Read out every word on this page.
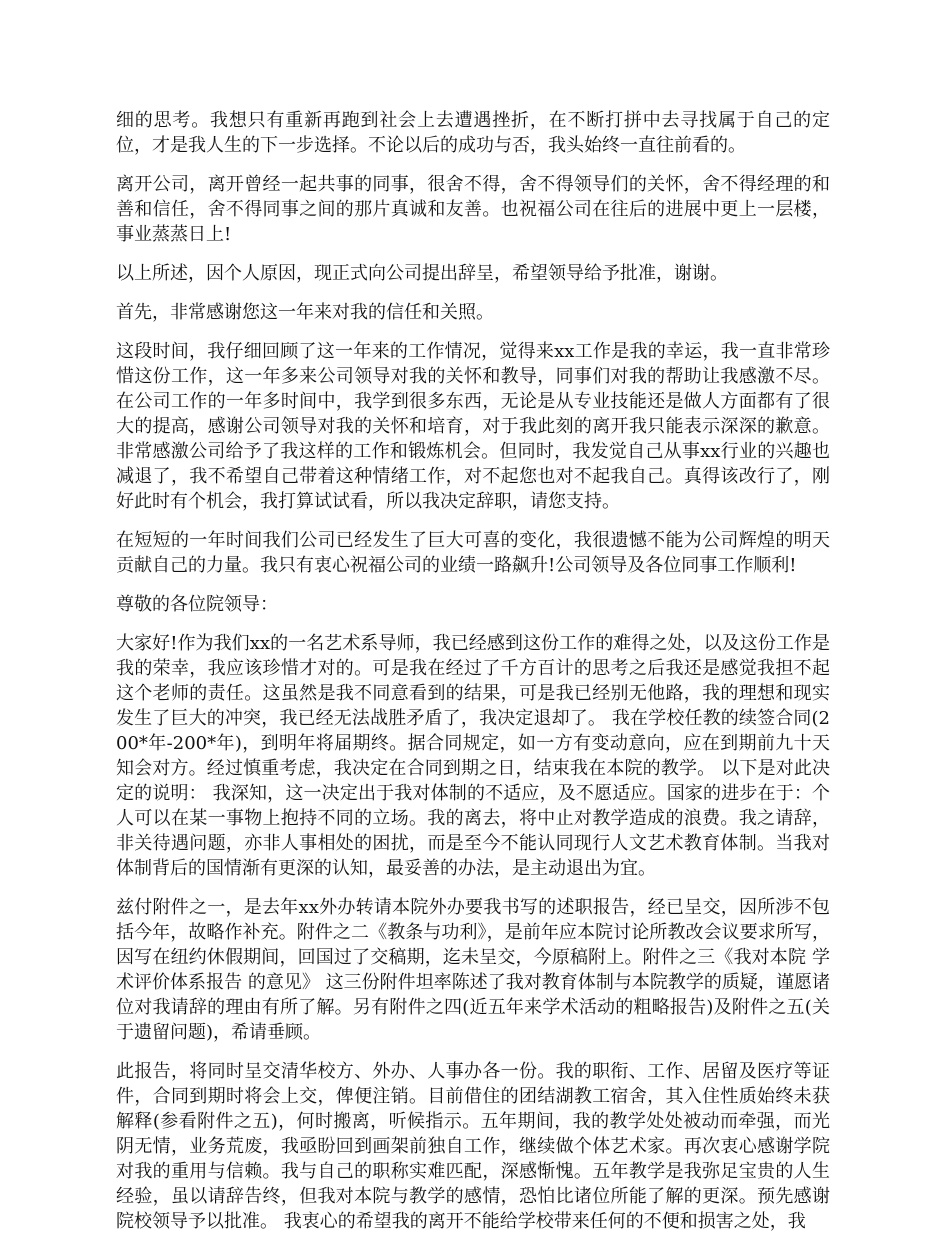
细的思考。我想只有重新再跑到社会上去遭遇挫折，在不断打拼中去寻找属于自己的定位，才是我人生的下一步选择。不论以后的成功与否，我头始终一直往前看的。

离开公司，离开曾经一起共事的同事，很舍不得，舍不得领导们的关怀，舍不得经理的和善和信任，舍不得同事之间的那片真诚和友善。也祝福公司在往后的进展中更上一层楼，事业蒸蒸日上!

以上所述，因个人原因，现正式向公司提出辞呈，希望领导给予批准，谢谢。

首先，非常感谢您这一年来对我的信任和关照。

这段时间，我仔细回顾了这一年来的工作情况，觉得来xx工作是我的幸运，我一直非常珍惜这份工作，这一年多来公司领导对我的关怀和教导，同事们对我的帮助让我感激不尽。在公司工作的一年多时间中，我学到很多东西，无论是从专业技能还是做人方面都有了很大的提高，感谢公司领导对我的关怀和培育，对于我此刻的离开我只能表示深深的歉意。非常感激公司给予了我这样的工作和锻炼机会。但同时，我发觉自己从事xx行业的兴趣也减退了，我不希望自己带着这种情绪工作，对不起您也对不起我自己。真得该改行了，刚好此时有个机会，我打算试试看，所以我决定辞职，请您支持。

在短短的一年时间我们公司已经发生了巨大可喜的变化，我很遗憾不能为公司辉煌的明天贡献自己的力量。我只有衷心祝福公司的业绩一路飙升!公司领导及各位同事工作顺利!

尊敬的各位院领导：

大家好!作为我们xx的一名艺术系导师，我已经感到这份工作的难得之处，以及这份工作是我的荣幸，我应该珍惜才对的。可是我在经过了千方百计的思考之后我还是感觉我担不起这个老师的责任。这虽然是我不同意看到的结果，可是我已经别无他路，我的理想和现实发生了巨大的冲突，我已经无法战胜矛盾了，我决定退却了。 我在学校任教的续签合同(200*年-200*年)，到明年将届期终。据合同规定，如一方有变动意向，应在到期前九十天知会对方。经过慎重考虑，我决定在合同到期之日，结束我在本院的教学。 以下是对此决定的说明： 我深知，这一决定出于我对体制的不适应，及不愿适应。国家的进步在于：个人可以在某一事物上抱持不同的立场。我的离去，将中止对教学造成的浪费。我之请辞，非关待遇问题，亦非人事相处的困扰，而是至今不能认同现行人文艺术教育体制。当我对体制背后的国情渐有更深的认知，最妥善的办法，是主动退出为宜。

兹付附件之一，是去年xx外办转请本院外办要我书写的述职报告，经已呈交，因所涉不包括今年，故略作补充。附件之二《教条与功利》，是前年应本院讨论所教改会议要求所写，因写在纽约休假期间，回国过了交稿期，迄未呈交，今原稿附上。附件之三《我对本院 学术评价体系报告 的意见》 这三份附件坦率陈述了我对教育体制与本院教学的质疑，谨愿诸位对我请辞的理由有所了解。另有附件之四(近五年来学术活动的粗略报告)及附件之五(关于遗留问题)，希请垂顾。

此报告，将同时呈交清华校方、外办、人事办各一份。我的职衔、工作、居留及医疗等证件，合同到期时将会上交，俾便注销。目前借住的团结湖教工宿舍，其入住性质始终未获解释(参看附件之五)，何时搬离，听候指示。五年期间，我的教学处处被动而牵强，而光阴无情，业务荒废，我亟盼回到画架前独自工作，继续做个体艺术家。再次衷心感谢学院对我的重用与信赖。我与自己的职称实难匹配，深感惭愧。五年教学是我弥足宝贵的人生经验，虽以请辞告终，但我对本院与教学的感情，恐怕比诸位所能了解的更深。预先感谢院校领导予以批准。 我衷心的希望我的离开不能给学校带来任何的不便和损害之处，我
